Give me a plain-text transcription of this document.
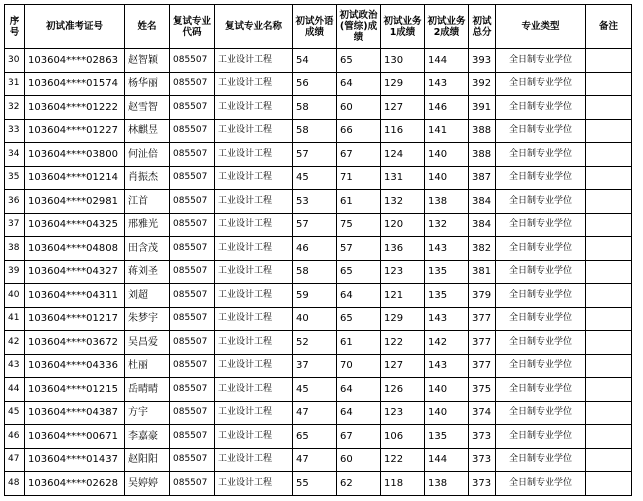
序号	初试准考证号	姓名	复试专业代码	复试专业名称	初试外语成绩	初试政治(管综)成绩	初试业务1成绩	初试业务2成绩	初试总分	专业类型	备注
30	103604****02863	赵智颖	085507	工业设计工程	54	65	130	144	393	全日制专业学位	
31	103604****01574	杨华丽	085507	工业设计工程	56	64	129	143	392	全日制专业学位	
32	103604****01222	赵雪智	085507	工业设计工程	58	60	127	146	391	全日制专业学位	
33	103604****01227	林麒昱	085507	工业设计工程	58	66	116	141	388	全日制专业学位	
34	103604****03800	何沚倍	085507	工业设计工程	57	67	124	140	388	全日制专业学位	
35	103604****01214	肖振杰	085507	工业设计工程	45	71	131	140	387	全日制专业学位	
36	103604****02981	江首	085507	工业设计工程	53	61	132	138	384	全日制专业学位	
37	103604****04325	邢雅光	085507	工业设计工程	57	75	120	132	384	全日制专业学位	
38	103604****04808	田含茂	085507	工业设计工程	46	57	136	143	382	全日制专业学位	
39	103604****04327	蒋刘圣	085507	工业设计工程	58	65	123	135	381	全日制专业学位	
40	103604****04311	刘超	085507	工业设计工程	59	64	121	135	379	全日制专业学位	
41	103604****01217	朱梦宇	085507	工业设计工程	40	65	129	143	377	全日制专业学位	
42	103604****03672	吴昌爱	085507	工业设计工程	52	61	122	142	377	全日制专业学位	
43	103604****04336	杜丽	085507	工业设计工程	37	70	127	143	377	全日制专业学位	
44	103604****01215	岳晴晴	085507	工业设计工程	45	64	126	140	375	全日制专业学位	
45	103604****04387	方宇	085507	工业设计工程	47	64	123	140	374	全日制专业学位	
46	103604****00671	李嘉豪	085507	工业设计工程	65	67	106	135	373	全日制专业学位	
47	103604****01437	赵阳阳	085507	工业设计工程	47	60	122	144	373	全日制专业学位	
48	103604****02628	吴婷婷	085507	工业设计工程	55	62	118	138	373	全日制专业学位	
